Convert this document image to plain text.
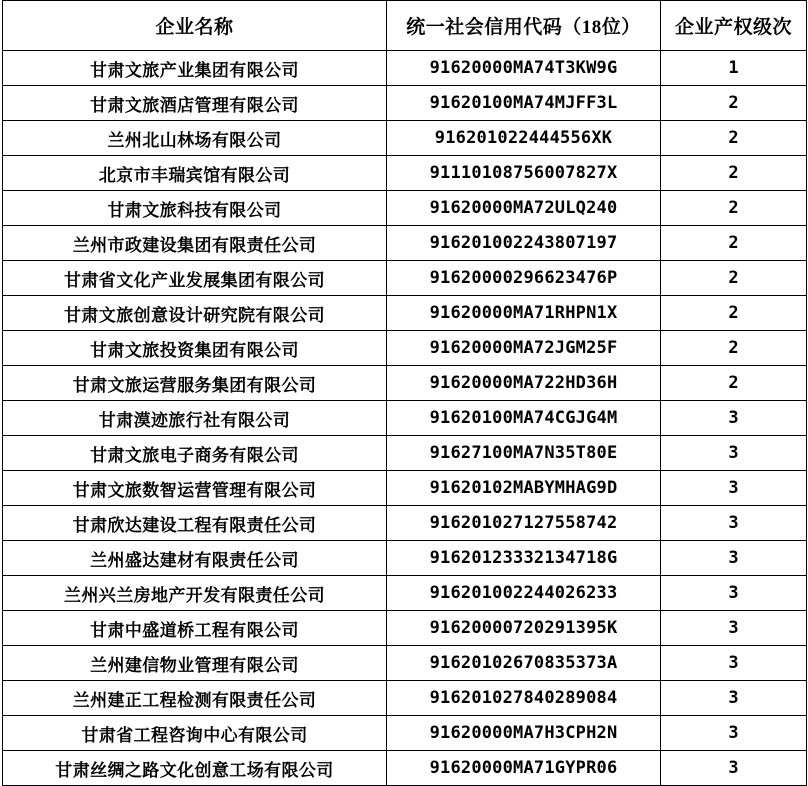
企业名称	统一社会信用代码（18位）	企业产权级次
甘肃文旅产业集团有限公司	91620000MA74T3KW9G	1
甘肃文旅酒店管理有限公司	91620100MA74MJFF3L	2
兰州北山林场有限公司	916201022444556XK	2
北京市丰瑞宾馆有限公司	91110108756007827X	2
甘肃文旅科技有限公司	91620000MA72ULQ240	2
兰州市政建设集团有限责任公司	916201002243807197	2
甘肃省文化产业发展集团有限公司	91620000296623476P	2
甘肃文旅创意设计研究院有限公司	91620000MA71RHPN1X	2
甘肃文旅投资集团有限公司	91620000MA72JGM25F	2
甘肃文旅运营服务集团有限公司	91620000MA722HD36H	2
甘肃漠迹旅行社有限公司	91620100MA74CGJG4M	3
甘肃文旅电子商务有限公司	91627100MA7N35T80E	3
甘肃文旅数智运营管理有限公司	91620102MABYMHAG9D	3
甘肃欣达建设工程有限责任公司	916201027127558742	3
兰州盛达建材有限责任公司	91620123332134718G	3
兰州兴兰房地产开发有限责任公司	916201002244026233	3
甘肃中盛道桥工程有限公司	91620000720291395K	3
兰州建信物业管理有限公司	91620102670835373A	3
兰州建正工程检测有限责任公司	916201027840289084	3
甘肃省工程咨询中心有限公司	91620000MA7H3CPH2N	3
甘肃丝绸之路文化创意工场有限公司	91620000MA71GYPR06	3
